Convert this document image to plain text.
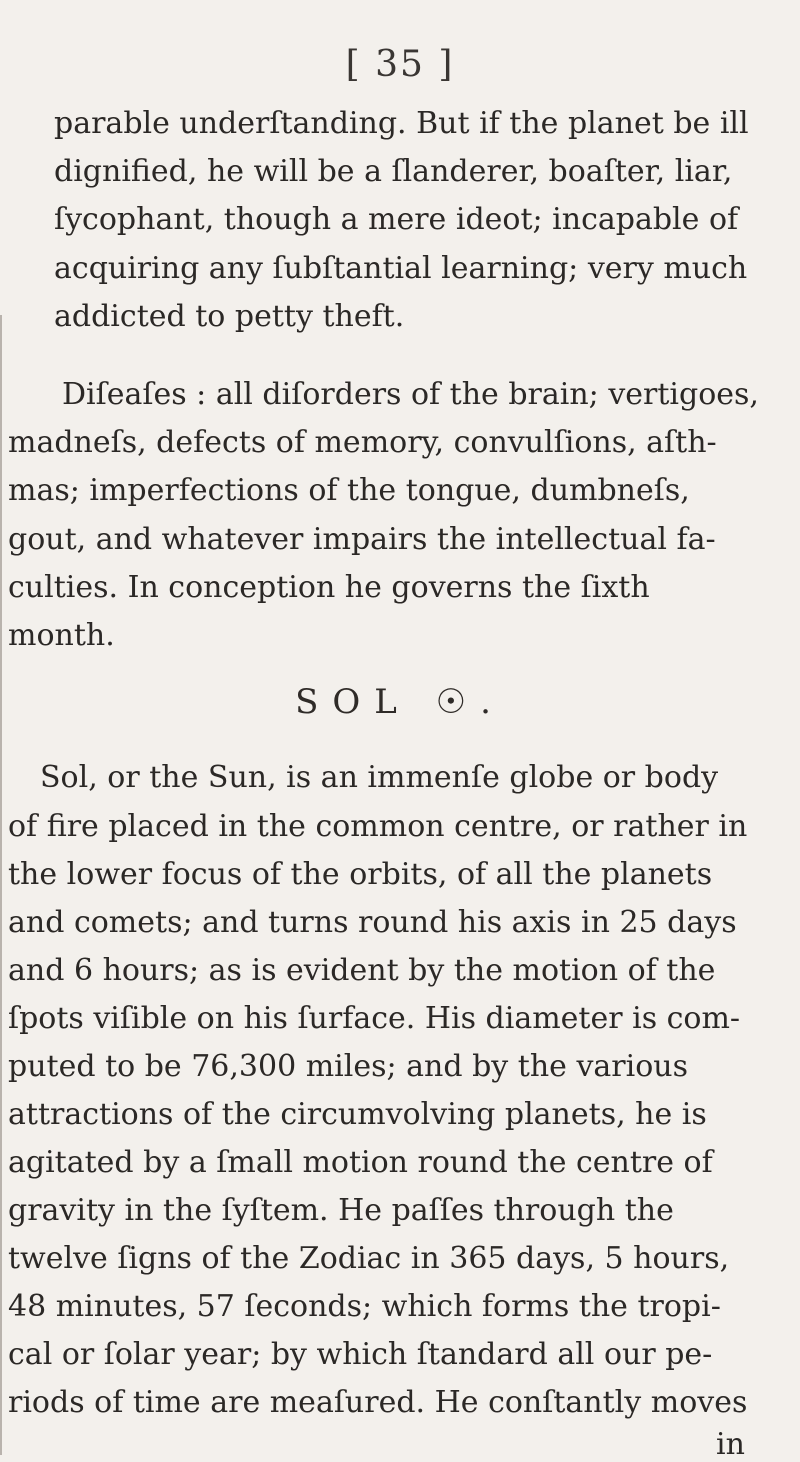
[ 35 ]
parable underſtanding. But if the planet be ill
dignified, he will be a ſlanderer, boaſter, liar,
ſycophant, though a mere ideot; incapable of
acquiring any ſubſtantial learning; very much
addicted to petty theft.
Diſeaſes : all diſorders of the brain; vertigoes,
madneſs, defects of memory, convulſions, aſth-
mas; imperfections of the tongue, dumbneſs,
gout, and whatever impairs the intellectual fa-
culties. In conception he governs the ſixth
month.
SOL ☉.
Sol, or the Sun, is an immenſe globe or body
of fire placed in the common centre, or rather in
the lower focus of the orbits, of all the planets
and comets; and turns round his axis in 25 days
and 6 hours; as is evident by the motion of the
ſpots viſible on his ſurface. His diameter is com-
puted to be 76,300 miles; and by the various
attractions of the circumvolving planets, he is
agitated by a ſmall motion round the centre of
gravity in the ſyſtem. He paſſes through the
twelve ſigns of the Zodiac in 365 days, 5 hours,
48 minutes, 57 ſeconds; which forms the tropi-
cal or ſolar year; by which ſtandard all our pe-
riods of time are meaſured. He conſtantly moves
in
